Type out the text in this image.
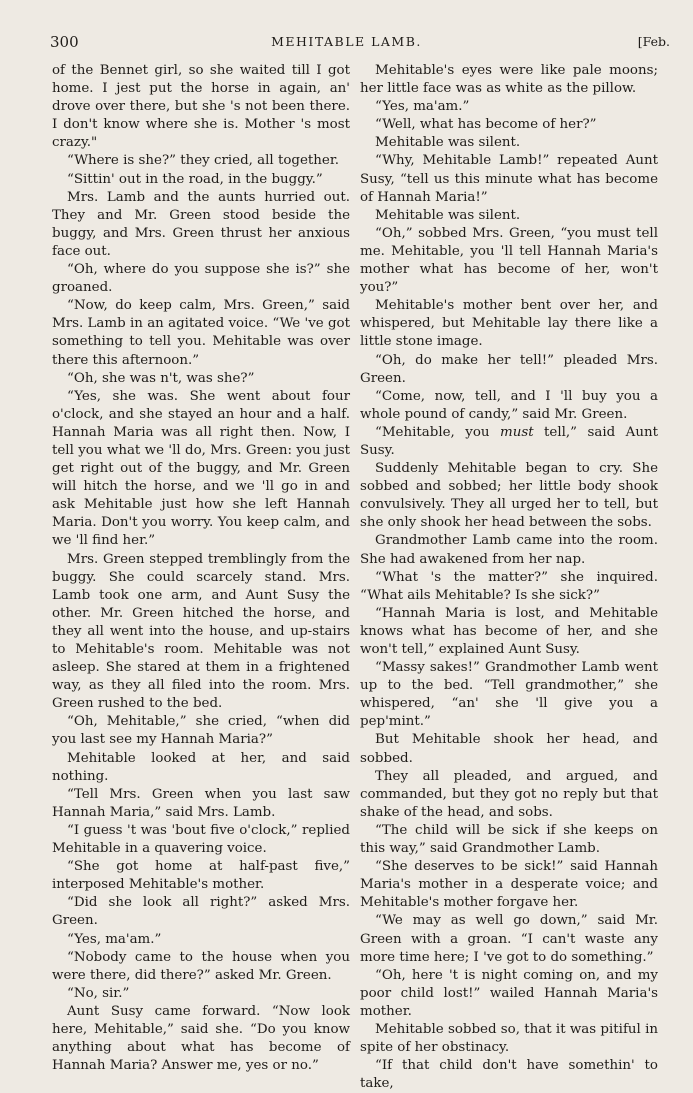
300	MEHITABLE LAMB.	[Feb.

of the Bennet girl, so she waited till I got home. I jest put the horse in again, an' drove over there, but she 's not been there. I don't know where she is. Mother 's most crazy."

“Where is she?” they cried, all together.

“Sittin' out in the road, in the buggy.”

Mrs. Lamb and the aunts hurried out. They and Mr. Green stood beside the buggy, and Mrs. Green thrust her anxious face out.

“Oh, where do you suppose she is?” she groaned.

“Now, do keep calm, Mrs. Green,” said Mrs. Lamb in an agitated voice. “We 've got something to tell you. Mehitable was over there this afternoon.”

“Oh, she was n't, was she?”

“Yes, she was. She went about four o'clock, and she stayed an hour and a half. Hannah Maria was all right then. Now, I tell you what we 'll do, Mrs. Green: you just get right out of the buggy, and Mr. Green will hitch the horse, and we 'll go in and ask Mehitable just how she left Hannah Maria. Don't you worry. You keep calm, and we 'll find her.”

Mrs. Green stepped tremblingly from the buggy. She could scarcely stand. Mrs. Lamb took one arm, and Aunt Susy the other. Mr. Green hitched the horse, and they all went into the house, and up-stairs to Mehitable's room. Mehitable was not asleep. She stared at them in a frightened way, as they all filed into the room. Mrs. Green rushed to the bed.

“Oh, Mehitable,” she cried, “when did you last see my Hannah Maria?”

Mehitable looked at her, and said nothing.

“Tell Mrs. Green when you last saw Hannah Maria,” said Mrs. Lamb.

“I guess 't was 'bout five o'clock,” replied Mehitable in a quavering voice.

“She got home at half-past five,” interposed Mehitable's mother.

“Did she look all right?” asked Mrs. Green.

“Yes, ma'am.”

“Nobody came to the house when you were there, did there?” asked Mr. Green.

“No, sir.”

Aunt Susy came forward. “Now look here, Mehitable,” said she. “Do you know anything about what has become of Hannah Maria? Answer me, yes or no.”

Mehitable's eyes were like pale moons; her little face was as white as the pillow.

“Yes, ma'am.”

“Well, what has become of her?”

Mehitable was silent.

“Why, Mehitable Lamb!” repeated Aunt Susy, “tell us this minute what has become of Hannah Maria!”

Mehitable was silent.

“Oh,” sobbed Mrs. Green, “you must tell me. Mehitable, you 'll tell Hannah Maria's mother what has become of her, won't you?”

Mehitable's mother bent over her, and whispered, but Mehitable lay there like a little stone image.

“Oh, do make her tell!” pleaded Mrs. Green.

“Come, now, tell, and I 'll buy you a whole pound of candy,” said Mr. Green.

“Mehitable, you must tell,” said Aunt Susy.

Suddenly Mehitable began to cry. She sobbed and sobbed; her little body shook convulsively. They all urged her to tell, but she only shook her head between the sobs.

Grandmother Lamb came into the room. She had awakened from her nap.

“What 's the matter?” she inquired. “What ails Mehitable? Is she sick?”

“Hannah Maria is lost, and Mehitable knows what has become of her, and she won't tell,” explained Aunt Susy.

“Massy sakes!” Grandmother Lamb went up to the bed. “Tell grandmother,” she whispered, “an' she 'll give you a pep'mint.”

But Mehitable shook her head, and sobbed.

They all pleaded, and argued, and commanded, but they got no reply but that shake of the head, and sobs.

“The child will be sick if she keeps on this way,” said Grandmother Lamb.

“She deserves to be sick!” said Hannah Maria's mother in a desperate voice; and Mehitable's mother forgave her.

“We may as well go down,” said Mr. Green with a groan. “I can't waste any more time here; I 've got to do something.”

“Oh, here 't is night coming on, and my poor child lost!” wailed Hannah Maria's mother.

Mehitable sobbed so, that it was pitiful in spite of her obstinacy.

“If that child don't have somethin' to take,
